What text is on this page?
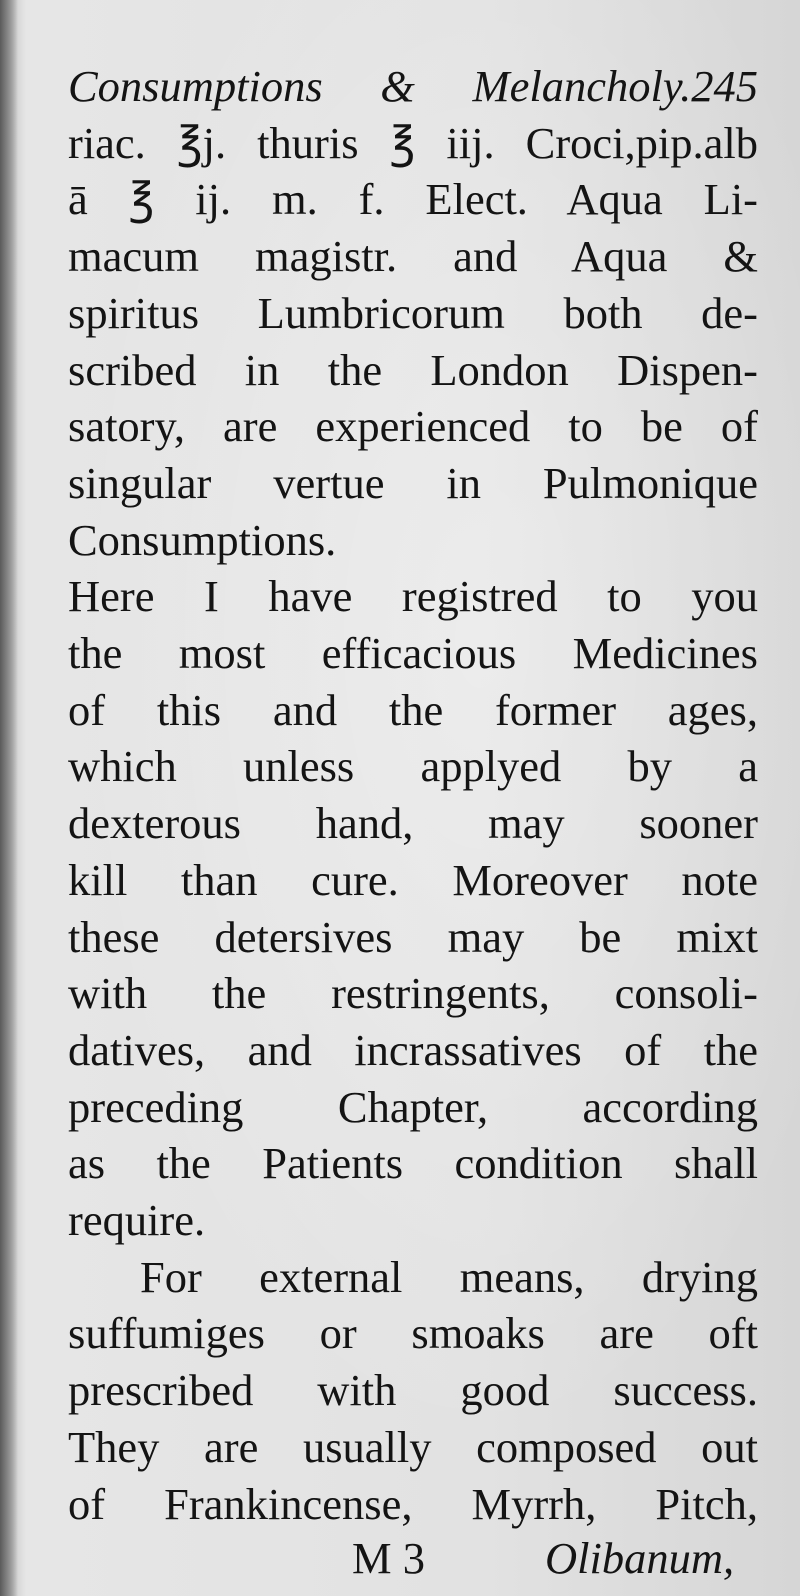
Consumptions & Melancholy.245
riac. ℥j. thuris ℥ iij. Croci,pip.alb
ā ℥ ij. m. f. Elect. Aqua Li-
macum magistr. and Aqua &
spiritus Lumbricorum both de-
scribed in the London Dispen-
satory, are experienced to be of
singular vertue in Pulmonique
Consumptions.
Here I have registred to you
the most efficacious Medicines
of this and the former ages,
which unless applyed by a
dexterous hand, may sooner
kill than cure. Moreover note
these detersives may be mixt
with the restringents, consoli-
datives, and incrassatives of the
preceding Chapter, according
as the Patients condition shall
require.
For external means, drying
suffumiges or smoaks are oft
prescribed with good success.
They are usually composed out
of Frankincense, Myrrh, Pitch,
M 3	Olibanum,
